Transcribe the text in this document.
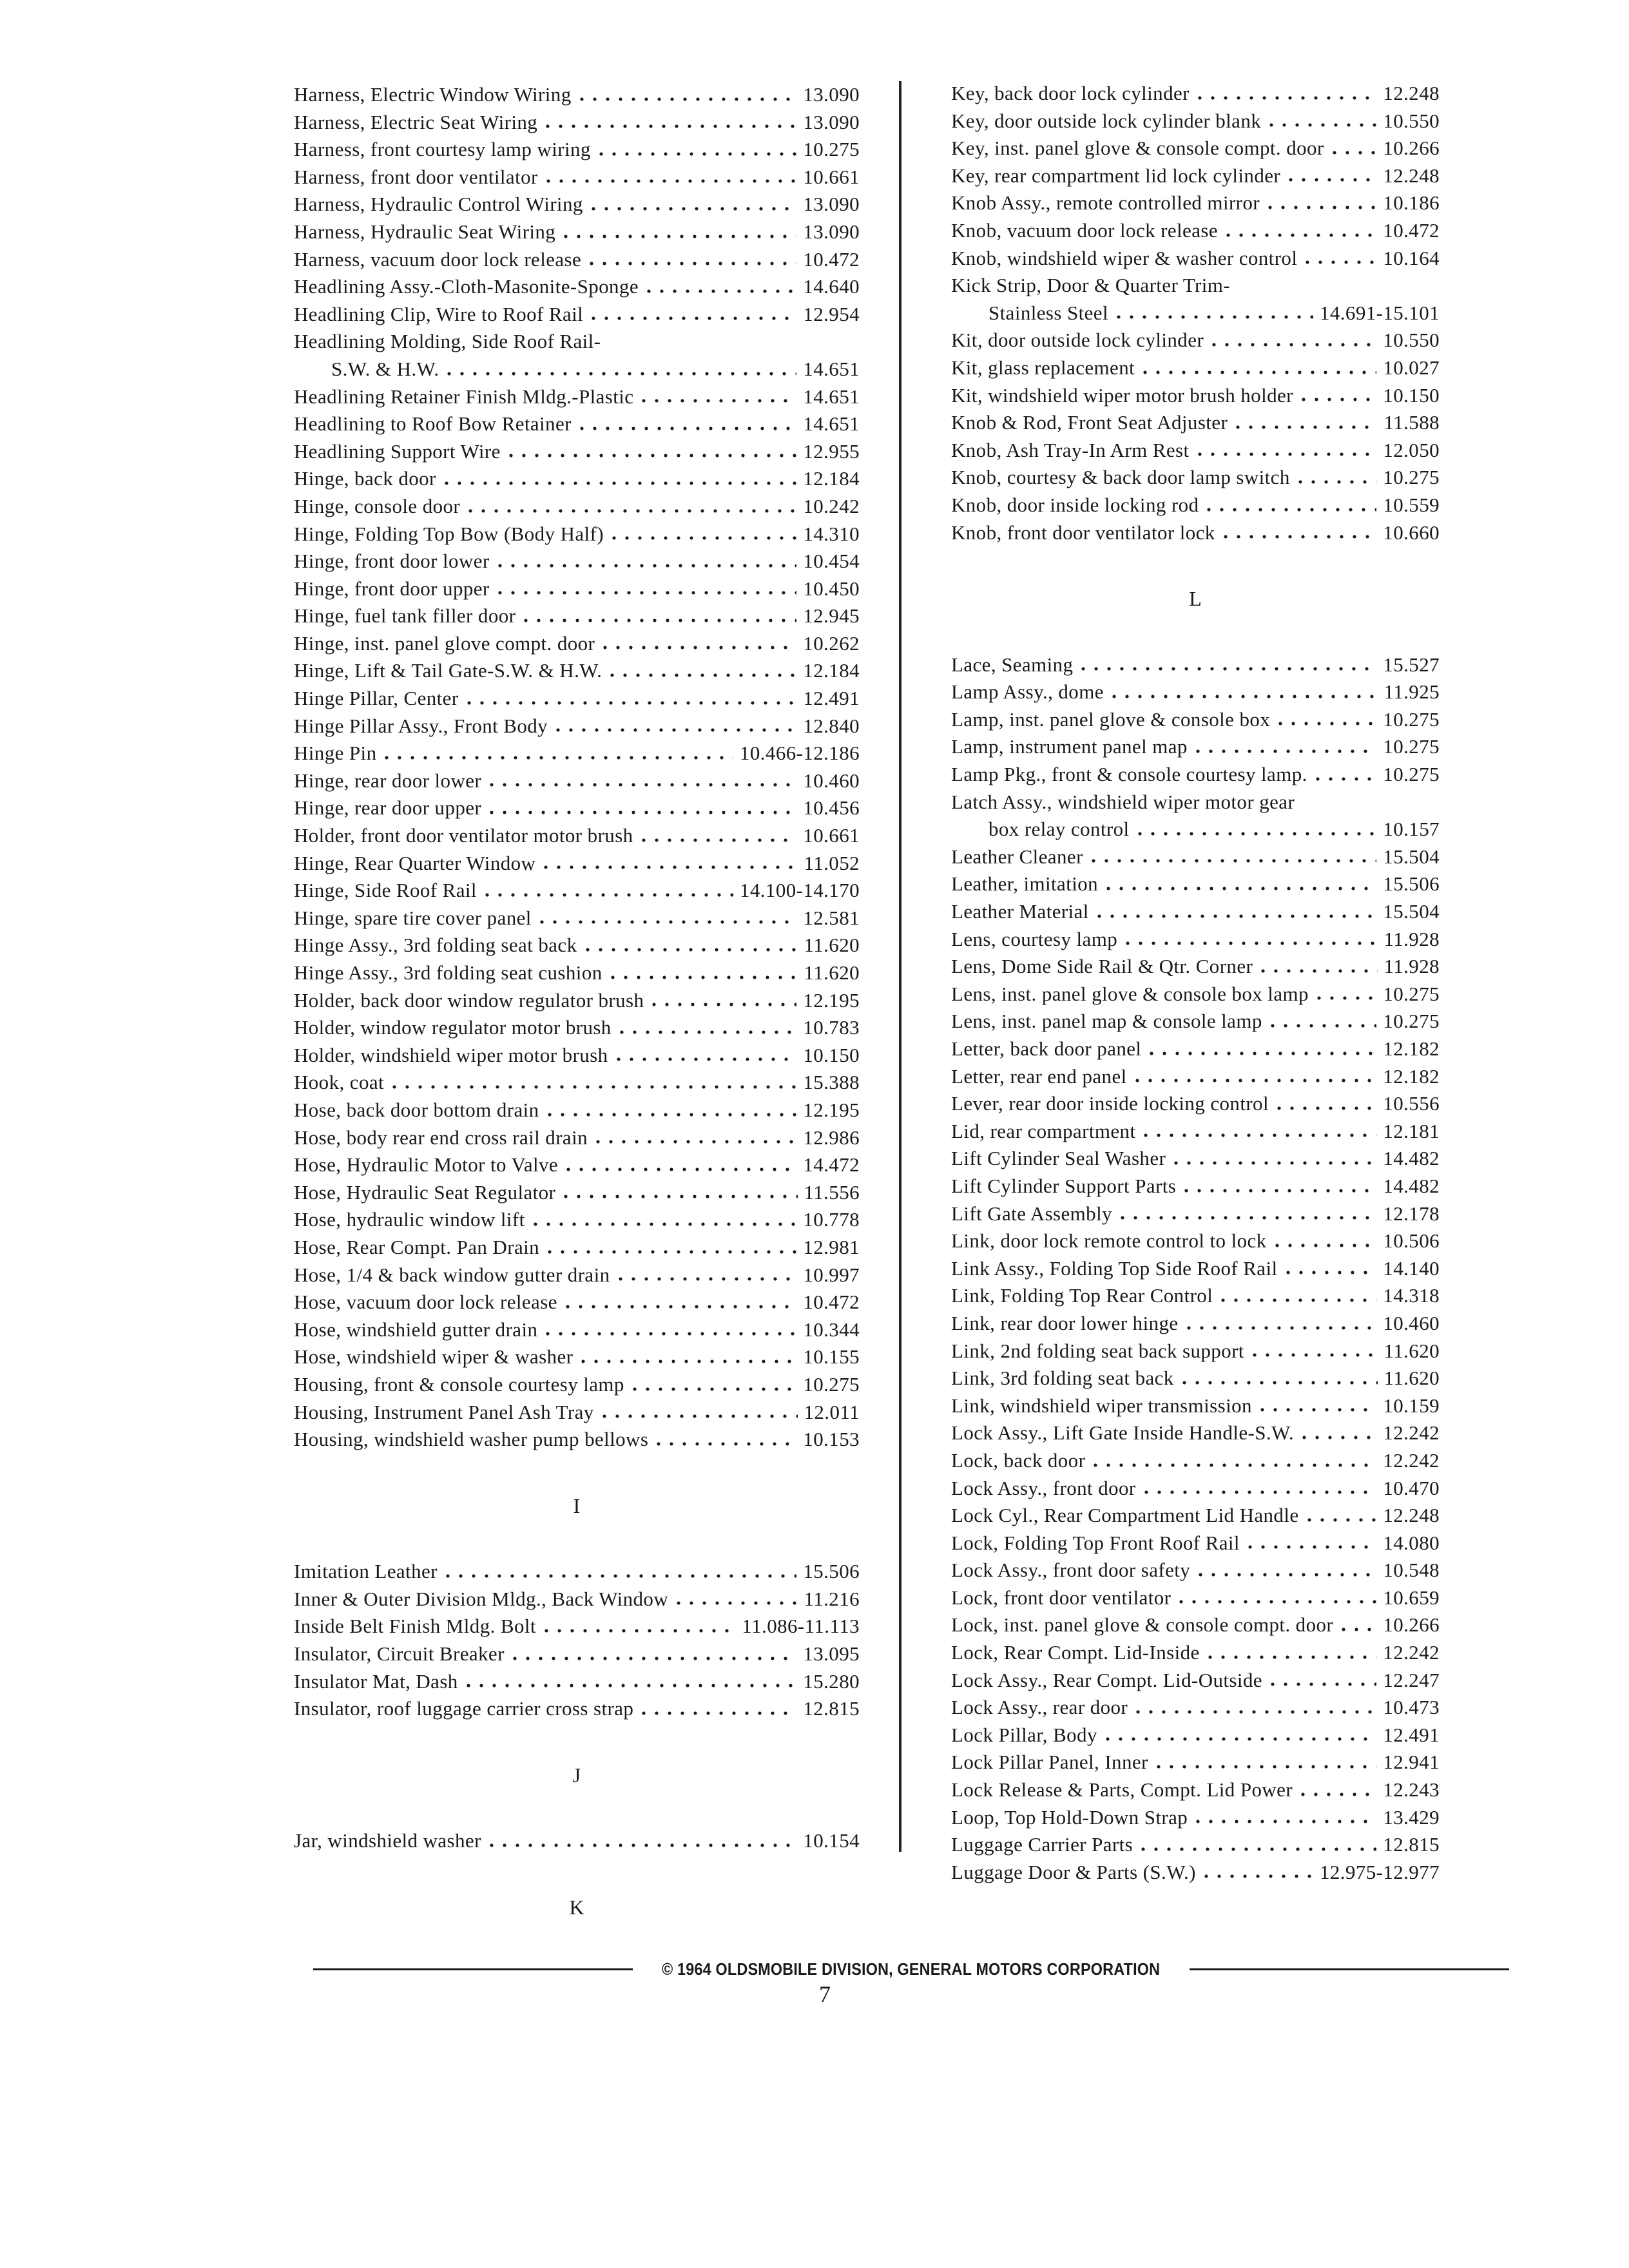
Harness, Electric Window Wiring	13.090
Harness, Electric Seat Wiring	13.090
Harness, front courtesy lamp wiring	10.275
Harness, front door ventilator	10.661
Harness, Hydraulic Control Wiring	13.090
Harness, Hydraulic Seat Wiring	13.090
Harness, vacuum door lock release	10.472
Headlining Assy.-Cloth-Masonite-Sponge	14.640
Headlining Clip, Wire to Roof Rail	12.954
Headlining Molding, Side Roof Rail-
S.W. & H.W.	14.651
Headlining Retainer Finish Mldg.-Plastic	14.651
Headlining to Roof Bow Retainer	14.651
Headlining Support Wire	12.955
Hinge, back door	12.184
Hinge, console door	10.242
Hinge, Folding Top Bow (Body Half)	14.310
Hinge, front door lower	10.454
Hinge, front door upper	10.450
Hinge, fuel tank filler door	12.945
Hinge, inst. panel glove compt. door	10.262
Hinge, Lift & Tail Gate-S.W. & H.W.	12.184
Hinge Pillar, Center	12.491
Hinge Pillar Assy., Front Body	12.840
Hinge Pin	10.466-12.186
Hinge, rear door lower	10.460
Hinge, rear door upper	10.456
Holder, front door ventilator motor brush	10.661
Hinge, Rear Quarter Window	11.052
Hinge, Side Roof Rail	14.100-14.170
Hinge, spare tire cover panel	12.581
Hinge Assy., 3rd folding seat back	11.620
Hinge Assy., 3rd folding seat cushion	11.620
Holder, back door window regulator brush	12.195
Holder, window regulator motor brush	10.783
Holder, windshield wiper motor brush	10.150
Hook, coat	15.388
Hose, back door bottom drain	12.195
Hose, body rear end cross rail drain	12.986
Hose, Hydraulic Motor to Valve	14.472
Hose, Hydraulic Seat Regulator	11.556
Hose, hydraulic window lift	10.778
Hose, Rear Compt. Pan Drain	12.981
Hose, 1/4 & back window gutter drain	10.997
Hose, vacuum door lock release	10.472
Hose, windshield gutter drain	10.344
Hose, windshield wiper & washer	10.155
Housing, front & console courtesy lamp	10.275
Housing, Instrument Panel Ash Tray	12.011
Housing, windshield washer pump bellows	10.153
I
Imitation Leather	15.506
Inner & Outer Division Mldg., Back Window	11.216
Inside Belt Finish Mldg. Bolt	11.086-11.113
Insulator, Circuit Breaker	13.095
Insulator Mat, Dash	15.280
Insulator, roof luggage carrier cross strap	12.815
J
Jar, windshield washer	10.154
K
Key, back door lock cylinder	12.248
Key, door outside lock cylinder blank	10.550
Key, inst. panel glove & console compt. door	10.266
Key, rear compartment lid lock cylinder	12.248
Knob Assy., remote controlled mirror	10.186
Knob, vacuum door lock release	10.472
Knob, windshield wiper & washer control	10.164
Kick Strip, Door & Quarter Trim-
Stainless Steel	14.691-15.101
Kit, door outside lock cylinder	10.550
Kit, glass replacement	10.027
Kit, windshield wiper motor brush holder	10.150
Knob & Rod, Front Seat Adjuster	11.588
Knob, Ash Tray-In Arm Rest	12.050
Knob, courtesy & back door lamp switch	10.275
Knob, door inside locking rod	10.559
Knob, front door ventilator lock	10.660
L
Lace, Seaming	15.527
Lamp Assy., dome	11.925
Lamp, inst. panel glove & console box	10.275
Lamp, instrument panel map	10.275
Lamp Pkg., front & console courtesy lamp.	10.275
Latch Assy., windshield wiper motor gear
box relay control	10.157
Leather Cleaner	15.504
Leather, imitation	15.506
Leather Material	15.504
Lens, courtesy lamp	11.928
Lens, Dome Side Rail & Qtr. Corner	11.928
Lens, inst. panel glove & console box lamp	10.275
Lens, inst. panel map & console lamp	10.275
Letter, back door panel	12.182
Letter, rear end panel	12.182
Lever, rear door inside locking control	10.556
Lid, rear compartment	12.181
Lift Cylinder Seal Washer	14.482
Lift Cylinder Support Parts	14.482
Lift Gate Assembly	12.178
Link, door lock remote control to lock	10.506
Link Assy., Folding Top Side Roof Rail	14.140
Link, Folding Top Rear Control	14.318
Link, rear door lower hinge	10.460
Link, 2nd folding seat back support	11.620
Link, 3rd folding seat back	11.620
Link, windshield wiper transmission	10.159
Lock Assy., Lift Gate Inside Handle-S.W.	12.242
Lock, back door	12.242
Lock Assy., front door	10.470
Lock Cyl., Rear Compartment Lid Handle	12.248
Lock, Folding Top Front Roof Rail	14.080
Lock Assy., front door safety	10.548
Lock, front door ventilator	10.659
Lock, inst. panel glove & console compt. door 10.266
Lock, Rear Compt. Lid-Inside	12.242
Lock Assy., Rear Compt. Lid-Outside	12.247
Lock Assy., rear door	10.473
Lock Pillar, Body	12.491
Lock Pillar Panel, Inner	12.941
Lock Release & Parts, Compt. Lid Power	12.243
Loop, Top Hold-Down Strap	13.429
Luggage Carrier Parts	12.815
Luggage Door & Parts (S.W.)	12.975-12.977
© 1964 OLDSMOBILE DIVISION, GENERAL MOTORS CORPORATION
7
